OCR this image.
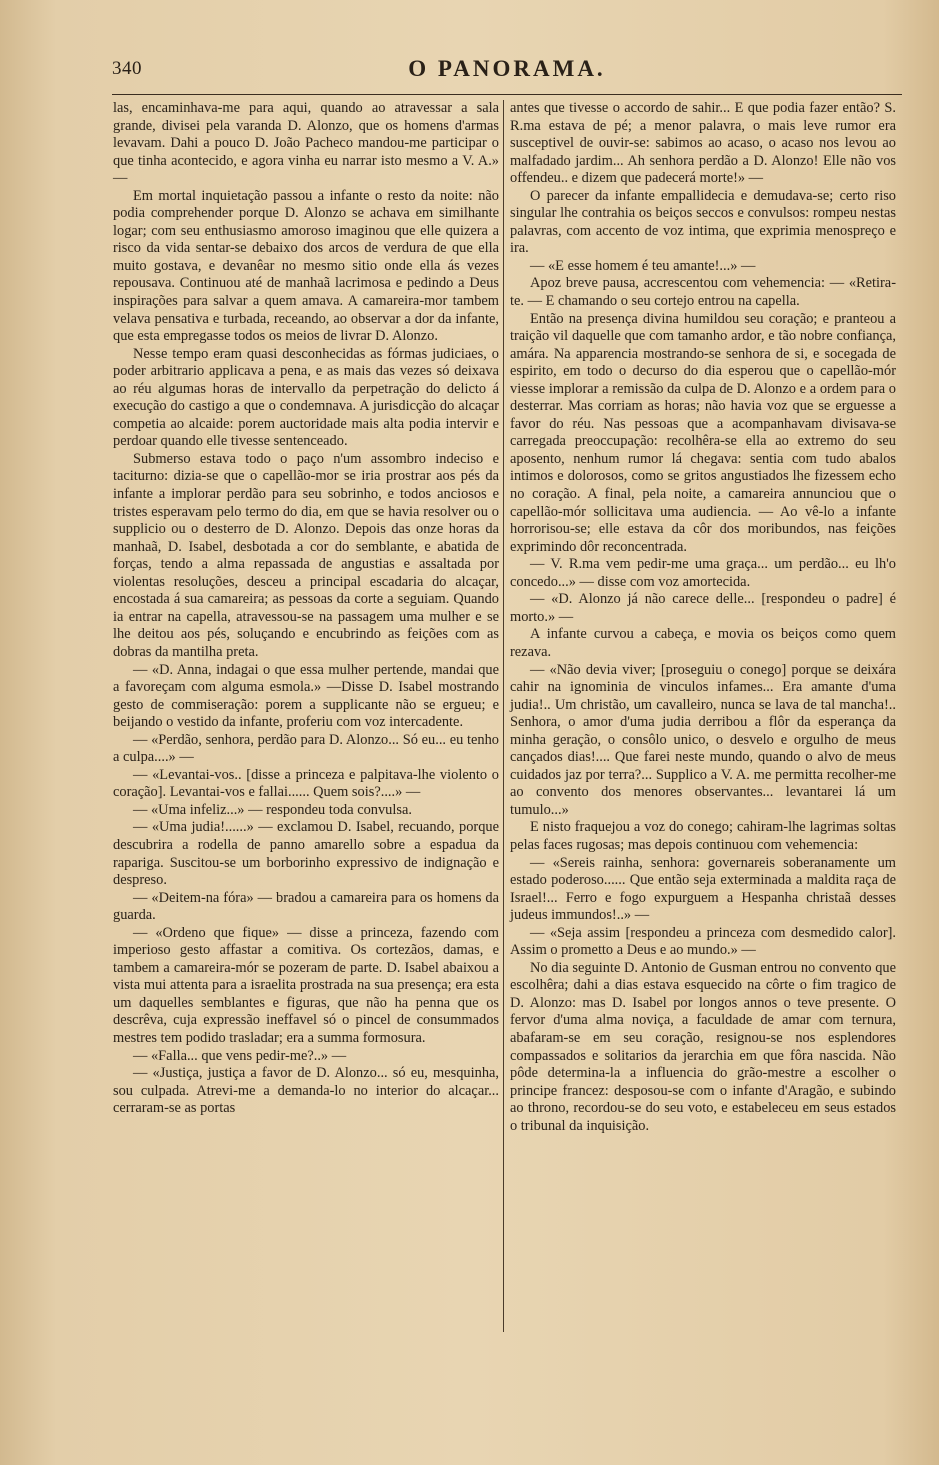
340	O PANORAMA.

las, encaminhava-me para aqui, quando ao atravessar a sala grande, divisei pela varanda D. Alonzo, que os homens d'armas levavam. Dahi a pouco D. João Pacheco mandou-me participar o que tinha acontecido, e agora vinha eu narrar isto mesmo a V. A.» —

Em mortal inquietação passou a infante o resto da noite: não podia comprehender porque D. Alonzo se achava em similhante logar; com seu enthusiasmo amoroso imaginou que elle quizera a risco da vida sentar-se debaixo dos arcos de verdura de que ella muito gostava, e devanêar no mesmo sitio onde ella ás vezes repousava. Continuou até de manhaã lacrimosa e pedindo a Deus inspirações para salvar a quem amava. A camareira-mor tambem velava pensativa e turbada, receando, ao observar a dor da infante, que esta empregasse todos os meios de livrar D. Alonzo.

Nesse tempo eram quasi desconhecidas as fórmas judiciaes, o poder arbitrario applicava a pena, e as mais das vezes só deixava ao réu algumas horas de intervallo da perpetração do delicto á execução do castigo a que o condemnava. A jurisdicção do alcaçar competia ao alcaide: porem auctoridade mais alta podia intervir e perdoar quando elle tivesse sentenceado.

Submerso estava todo o paço n'um assombro indeciso e taciturno: dizia-se que o capellão-mor se iria prostrar aos pés da infante a implorar perdão para seu sobrinho, e todos anciosos e tristes esperavam pelo termo do dia, em que se havia resolver ou o supplicio ou o desterro de D. Alonzo. Depois das onze horas da manhaã, D. Isabel, desbotada a cor do semblante, e abatida de forças, tendo a alma repassada de angustias e assaltada por violentas resoluções, desceu a principal escadaria do alcaçar, encostada á sua camareira; as pessoas da corte a seguiam. Quando ia entrar na capella, atravessou-se na passagem uma mulher e se lhe deitou aos pés, soluçando e encubrindo as feições com as dobras da mantilha preta.

— «D. Anna, indagai o que essa mulher pertende, mandai que a favoreçam com alguma esmola.» —Disse D. Isabel mostrando gesto de commiseração: porem a supplicante não se ergueu; e beijando o vestido da infante, proferiu com voz intercadente.

— «Perdão, senhora, perdão para D. Alonzo... Só eu... eu tenho a culpa....» —

— «Levantai-vos.. [disse a princeza e palpitava-lhe violento o coração]. Levantai-vos e fallai...... Quem sois?....» —

— «Uma infeliz...» — respondeu toda convulsa.

— «Uma judia!......» — exclamou D. Isabel, recuando, porque descubrira a rodella de panno amarello sobre a espadua da rapariga. Suscitou-se um borborinho expressivo de indignação e despreso.

— «Deitem-na fóra» — bradou a camareira para os homens da guarda.

— «Ordeno que fique» — disse a princeza, fazendo com imperioso gesto affastar a comitiva. Os cortezãos, damas, e tambem a camareira-mór se pozeram de parte. D. Isabel abaixou a vista mui attenta para a israelita prostrada na sua presença; era esta um daquelles semblantes e figuras, que não ha penna que os descrêva, cuja expressão ineffavel só o pincel de consummados mestres tem podido trasladar; era a summa formosura.

— «Falla... que vens pedir-me?..» —

— «Justiça, justiça a favor de D. Alonzo... só eu, mesquinha, sou culpada. Atrevi-me a demanda-lo no interior do alcaçar... cerraram-se as portas

antes que tivesse o accordo de sahir... E que podia fazer então? S. R.ma estava de pé; a menor palavra, o mais leve rumor era susceptivel de ouvir-se: sabimos ao acaso, o acaso nos levou ao malfadado jardim... Ah senhora perdão a D. Alonzo! Elle não vos offendeu.. e dizem que padecerá morte!» —

O parecer da infante empallidecia e demudava-se; certo riso singular lhe contrahia os beiços seccos e convulsos: rompeu nestas palavras, com accento de voz intima, que exprimia menospreço e ira.

— «E esse homem é teu amante!...» —

Apoz breve pausa, accrescentou com vehemencia: — «Retira-te. — E chamando o seu cortejo entrou na capella.

Então na presença divina humildou seu coração; e pranteou a traição vil daquelle que com tamanho ardor, e tão nobre confiança, amára. Na apparencia mostrando-se senhora de si, e socegada de espirito, em todo o decurso do dia esperou que o capellão-mór viesse implorar a remissão da culpa de D. Alonzo e a ordem para o desterrar. Mas corriam as horas; não havia voz que se erguesse a favor do réu. Nas pessoas que a acompanhavam divisava-se carregada preoccupação: recolhêra-se ella ao extremo do seu aposento, nenhum rumor lá chegava: sentia com tudo abalos intimos e dolorosos, como se gritos angustiados lhe fizessem echo no coração. A final, pela noite, a camareira annunciou que o capellão-mór sollicitava uma audiencia. — Ao vê-lo a infante horrorisou-se; elle estava da côr dos moribundos, nas feições exprimindo dôr reconcentrada.

— V. R.ma vem pedir-me uma graça... um perdão... eu lh'o concedo...» — disse com voz amortecida.

— «D. Alonzo já não carece delle... [respondeu o padre] é morto.» —

A infante curvou a cabeça, e movia os beiços como quem rezava.

— «Não devia viver; [proseguiu o conego] porque se deixára cahir na ignominia de vinculos infames... Era amante d'uma judia!.. Um christão, um cavalleiro, nunca se lava de tal mancha!.. Senhora, o amor d'uma judia derribou a flôr da esperança da minha geração, o consôlo unico, o desvelo e orgulho de meus cançados dias!.... Que farei neste mundo, quando o alvo de meus cuidados jaz por terra?... Supplico a V. A. me permitta recolher-me ao convento dos menores observantes... levantarei lá um tumulo...»

E nisto fraquejou a voz do conego; cahiram-lhe lagrimas soltas pelas faces rugosas; mas depois continuou com vehemencia:

— «Sereis rainha, senhora: governareis soberanamente um estado poderoso...... Que então seja exterminada a maldita raça de Israel!... Ferro e fogo expurguem a Hespanha christaã desses judeus immundos!..» —

— «Seja assim [respondeu a princeza com desmedido calor]. Assim o prometto a Deus e ao mundo.» —

No dia seguinte D. Antonio de Gusman entrou no convento que escolhêra; dahi a dias estava esquecido na côrte o fim tragico de D. Alonzo: mas D. Isabel por longos annos o teve presente. O fervor d'uma alma noviça, a faculdade de amar com ternura, abafaram-se em seu coração, resignou-se nos esplendores compassados e solitarios da jerarchia em que fôra nascida. Não pôde determina-la a influencia do grão-mestre a escolher o principe francez: desposou-se com o infante d'Aragão, e subindo ao throno, recordou-se do seu voto, e estabeleceu em seus estados o tribunal da inquisição.
